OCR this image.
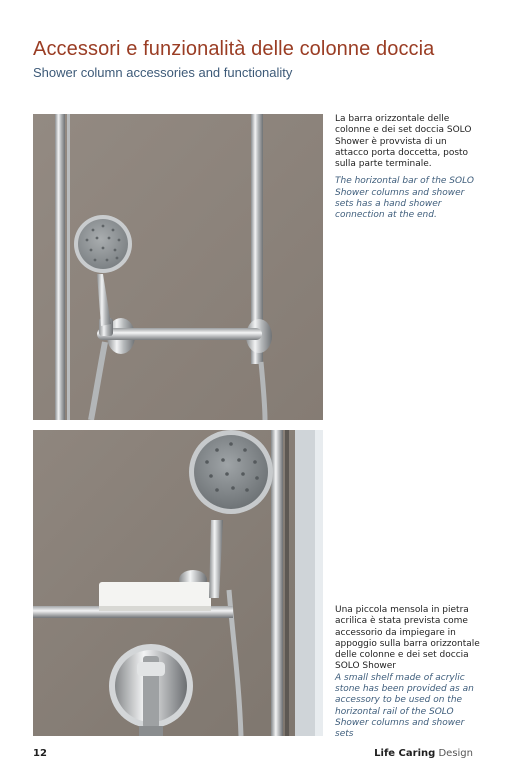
Accessori e funzionalità delle colonne doccia
Shower column accessories and functionality
La barra orizzontale delle colonne e dei set doccia SOLO Shower è provvista di un attacco porta doccetta, posto sulla parte terminale.
The horizontal bar of the SOLO Shower columns and shower sets has a hand shower connection at the end.
Una piccola mensola in pietra acrilica è stata prevista come accessorio da impiegare in appoggio sulla barra orizzontale delle colonne e dei set doccia SOLO Shower
A small shelf made of acrylic stone has been provided as an accessory to be used on the horizontal rail of the SOLO Shower columns and shower sets
12	Life Caring Design
